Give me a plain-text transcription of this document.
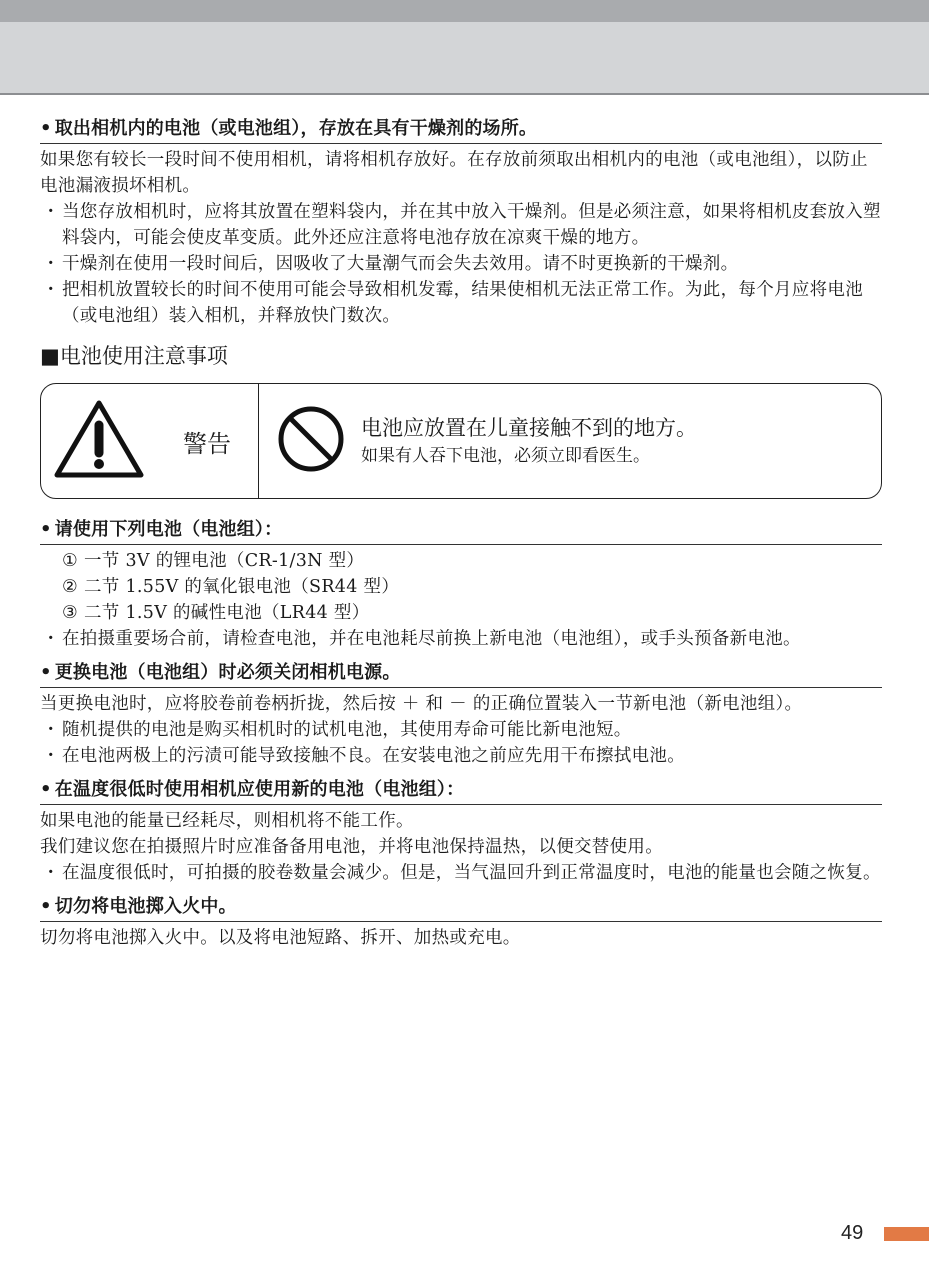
• 取出相机内的电池（或电池组），存放在具有干燥剂的场所。

如果您有较长一段时间不使用相机，请将相机存放好。在存放前须取出相机内的电池（或电池组），以防止电池漏液损坏相机。

・ 当您存放相机时，应将其放置在塑料袋内，并在其中放入干燥剂。但是必须注意，如果将相机皮套放入塑料袋内，可能会使皮革变质。此外还应注意将电池存放在凉爽干燥的地方。
・ 干燥剂在使用一段时间后，因吸收了大量潮气而会失去效用。请不时更换新的干燥剂。
・ 把相机放置较长的时间不使用可能会导致相机发霉，结果使相机无法正常工作。为此，每个月应将电池（或电池组）装入相机，并释放快门数次。
■电池使用注意事项
警告
电池应放置在儿童接触不到的地方。
如果有人吞下电池，必须立即看医生。
• 请使用下列电池（电池组）：
① 一节 3V 的锂电池（CR-1/3N 型）
② 二节 1.55V 的氧化银电池（SR44 型）
③ 二节 1.5V 的碱性电池（LR44 型）
・ 在拍摄重要场合前，请检查电池，并在电池耗尽前换上新电池（电池组），或手头预备新电池。
• 更换电池（电池组）时必须关闭相机电源。

当更换电池时，应将胶卷前卷柄折拢，然后按 ＋ 和 － 的正确位置装入一节新电池（新电池组）。

・ 随机提供的电池是购买相机时的试机电池，其使用寿命可能比新电池短。
・ 在电池两极上的污渍可能导致接触不良。在安装电池之前应先用干布擦拭电池。
• 在温度很低时使用相机应使用新的电池（电池组）：

如果电池的能量已经耗尽，则相机将不能工作。

我们建议您在拍摄照片时应准备备用电池，并将电池保持温热，以便交替使用。

・ 在温度很低时，可拍摄的胶卷数量会减少。但是，当气温回升到正常温度时，电池的能量也会随之恢复。
• 切勿将电池掷入火中。

切勿将电池掷入火中。以及将电池短路、拆开、加热或充电。

49
